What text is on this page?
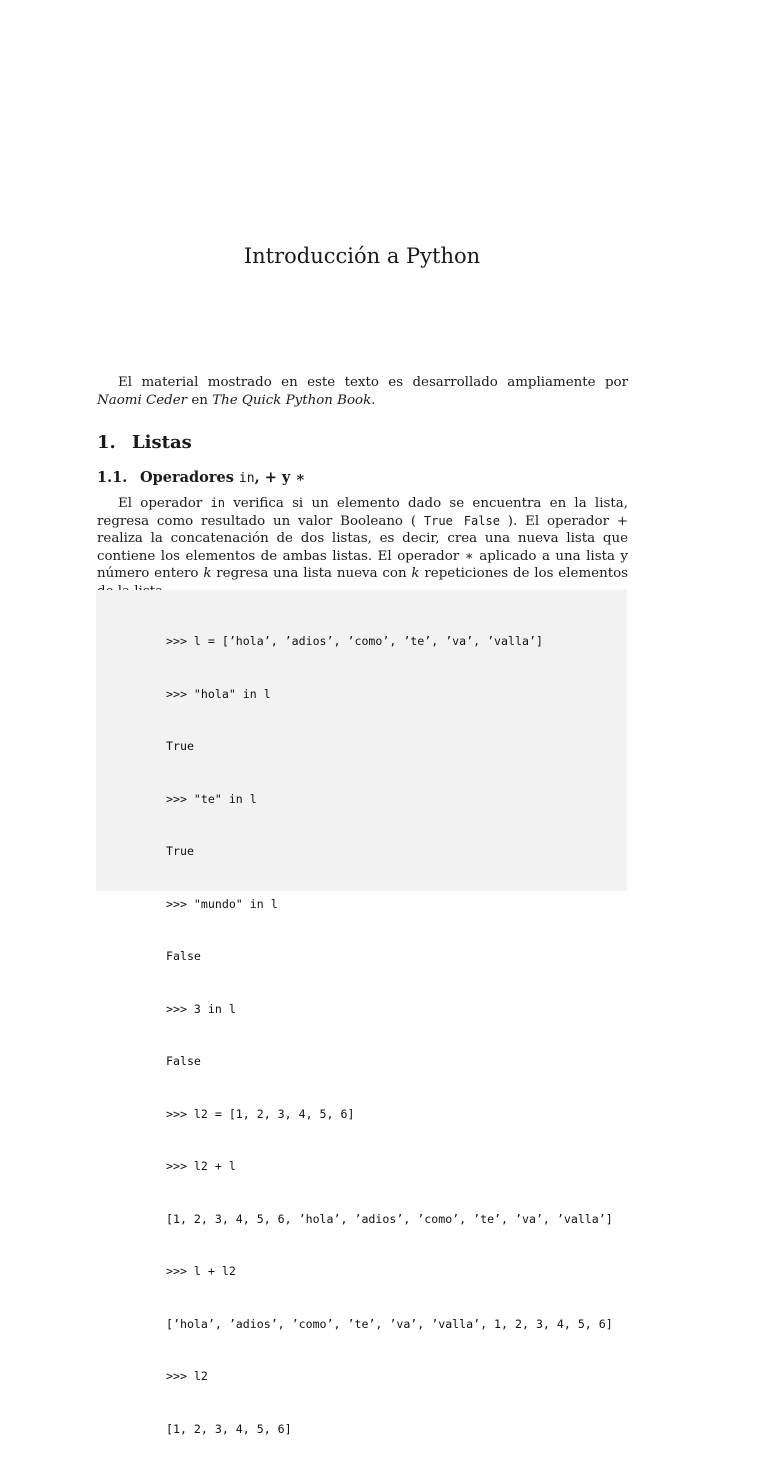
Introducción a Python

El material mostrado en este texto es desarrollado ampliamente por Naomi Ceder en The Quick Python Book.

1. Listas
1.1. Operadores in, + y ∗

El operador in verifica si un elemento dado se encuentra en la lista, regresa como resultado un valor Booleano ( True False ). El operador + realiza la concatenación de dos listas, es decir, crea una nueva lista que contiene los elementos de ambas listas. El operador ∗ aplicado a una lista y número entero k regresa una lista nueva con k repeticiones de los elementos

>>> l = [’hola’, ’adios’, ’como’, ’te’, ’va’, ’valla’]

>>> "hola" in l

True

>>> "te" in l

True

>>> "mundo" in l

False

>>> 3 in l

False

>>> l2 = [1, 2, 3, 4, 5, 6]

>>> l2 + l

[1, 2, 3, 4, 5, 6, ’hola’, ’adios’, ’como’, ’te’, ’va’, ’valla’]

>>> l + l2

[’hola’, ’adios’, ’como’, ’te’, ’va’, ’valla’, 1, 2, 3, 4, 5, 6]

>>> l2

[1, 2, 3, 4, 5, 6]
